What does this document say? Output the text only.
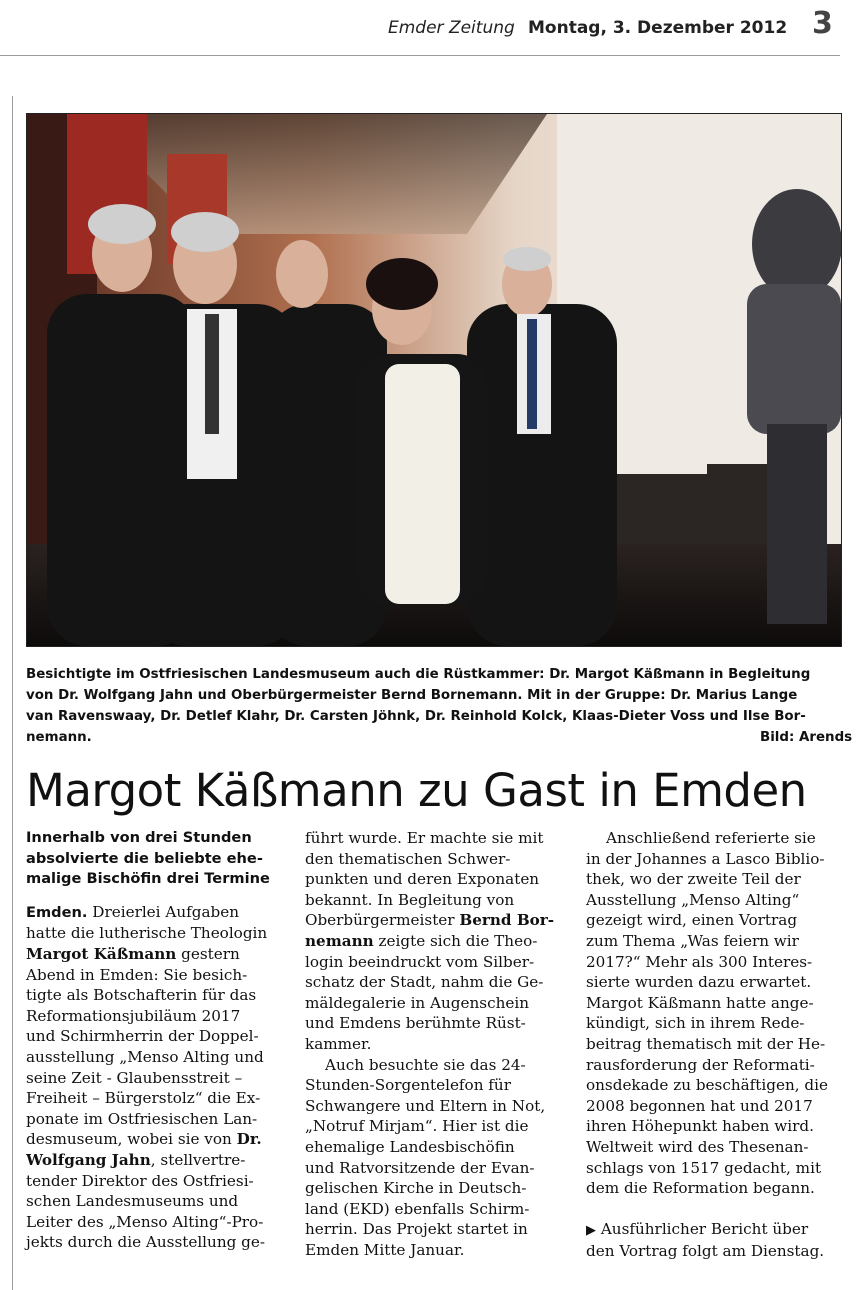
Emder Zeitung Montag, 3. Dezember 2012 3
Besichtigte im Ostfriesischen Landesmuseum auch die Rüstkammer: Dr. Margot Käßmann in Begleitung
von Dr. Wolfgang Jahn und Oberbürgermeister Bernd Bornemann. Mit in der Gruppe: Dr. Marius Lange
van Ravenswaay, Dr. Detlef Klahr, Dr. Carsten Jöhnk, Dr. Reinhold Kolck, Klaas-Dieter Voss und Ilse Bor-
nemann.	Bild: Arends
Margot Käßmann zu Gast in Emden
Innerhalb von drei Stunden
absolvierte die beliebte ehe-
malige Bischöfin drei Termine
Emden. Dreierlei Aufgaben
hatte die lutherische Theologin
Margot Käßmann gestern
Abend in Emden: Sie besich-
tigte als Botschafterin für das
Reformationsjubiläum 2017
und Schirmherrin der Doppel-
ausstellung „Menso Alting und
seine Zeit - Glaubensstreit –
Freiheit – Bürgerstolz“ die Ex-
ponate im Ostfriesischen Lan-
desmuseum, wobei sie von Dr.
Wolfgang Jahn, stellvertre-
tender Direktor des Ostfriesi-
schen Landesmuseums und
Leiter des „Menso Alting“-Pro-
jekts durch die Ausstellung ge-
führt wurde. Er machte sie mit
den thematischen Schwer-
punkten und deren Exponaten
bekannt. In Begleitung von
Oberbürgermeister Bernd Bor-
nemann zeigte sich die Theo-
login beeindruckt vom Silber-
schatz der Stadt, nahm die Ge-
mäldegalerie in Augenschein
und Emdens berühmte Rüst-
kammer.
Auch besuchte sie das 24-
Stunden-Sorgentelefon für
Schwangere und Eltern in Not,
„Notruf Mirjam“. Hier ist die
ehemalige Landesbischöfin
und Ratvorsitzende der Evan-
gelischen Kirche in Deutsch-
land (EKD) ebenfalls Schirm-
herrin. Das Projekt startet in
Emden Mitte Januar.
Anschließend referierte sie
in der Johannes a Lasco Biblio-
thek, wo der zweite Teil der
Ausstellung „Menso Alting“
gezeigt wird, einen Vortrag
zum Thema „Was feiern wir
2017?“ Mehr als 300 Interes-
sierte wurden dazu erwartet.
Margot Käßmann hatte ange-
kündigt, sich in ihrem Rede-
beitrag thematisch mit der He-
rausforderung der Reformati-
onsdekade zu beschäftigen, die
2008 begonnen hat und 2017
ihren Höhepunkt haben wird.
Weltweit wird des Thesenan-
schlags von 1517 gedacht, mit
dem die Reformation begann.
▶ Ausführlicher Bericht über
den Vortrag folgt am Dienstag.
